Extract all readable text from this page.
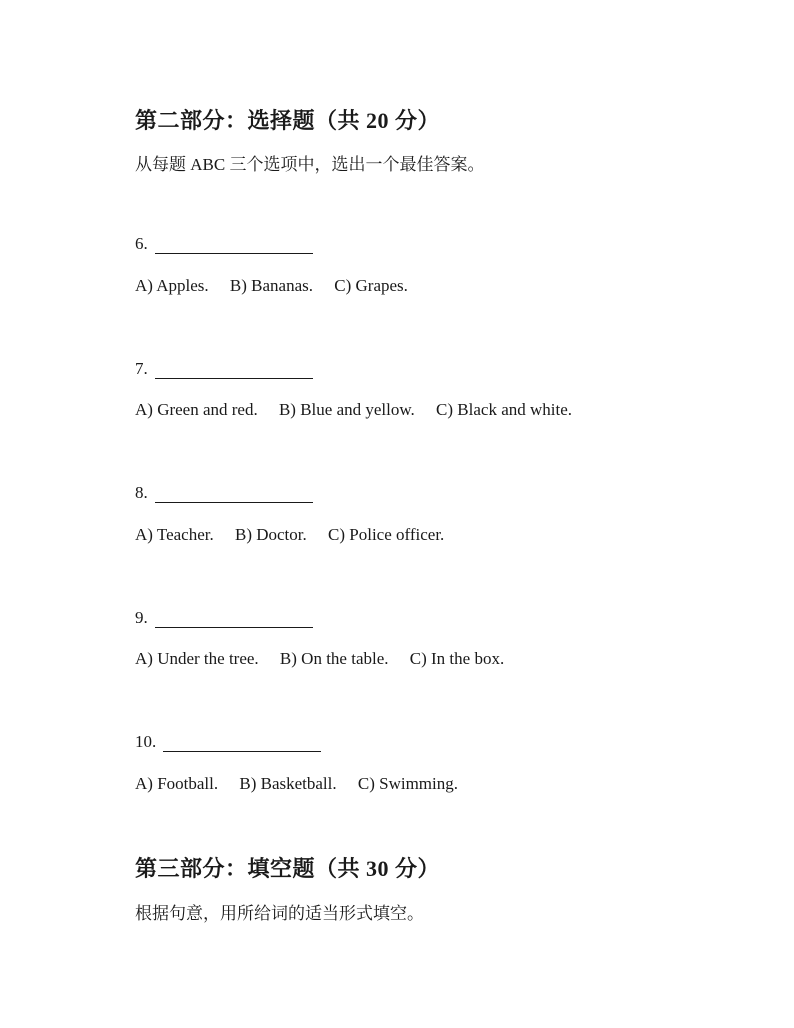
第二部分：选择题（共 20 分）
从每题 ABC 三个选项中，选出一个最佳答案。
6.
A) Apples. B) Bananas. C) Grapes.
7.
A) Green and red. B) Blue and yellow. C) Black and white.
8.
A) Teacher. B) Doctor. C) Police officer.
9.
A) Under the tree. B) On the table. C) In the box.
10.
A) Football. B) Basketball. C) Swimming.
第三部分：填空题（共 30 分）
根据句意，用所给词的适当形式填空。
